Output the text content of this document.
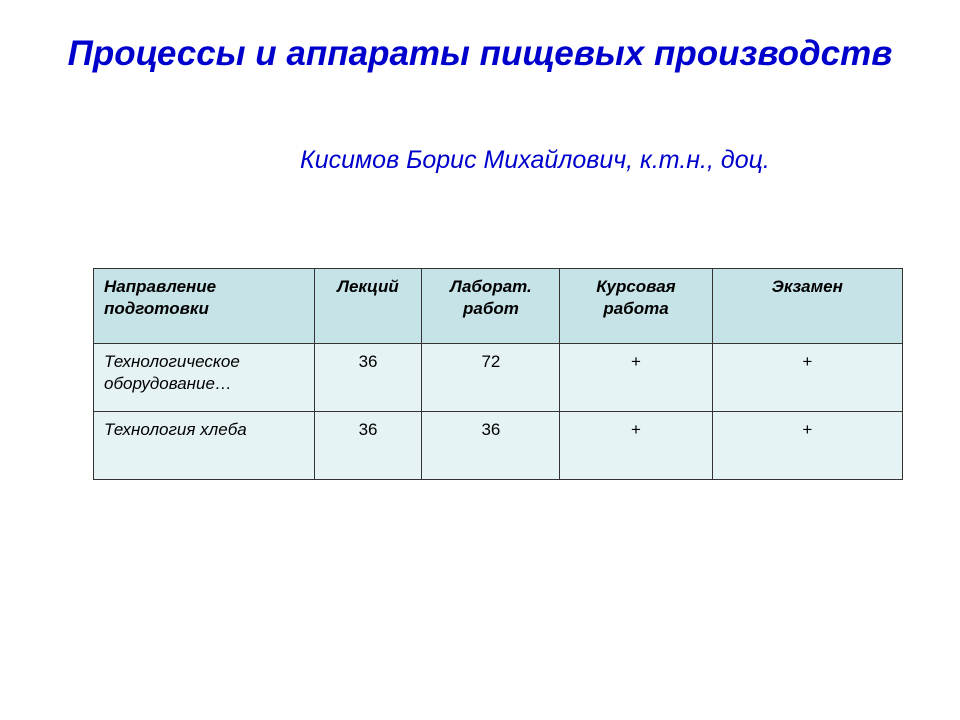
Процессы и аппараты пищевых производств
Кисимов Борис Михайлович, к.т.н., доц.
Направление подготовки	Лекций	Лаборат. работ	Курсовая работа	Экзамен
Технологическое оборудование…	36	72	+	+
Технология хлеба	36	36	+	+
